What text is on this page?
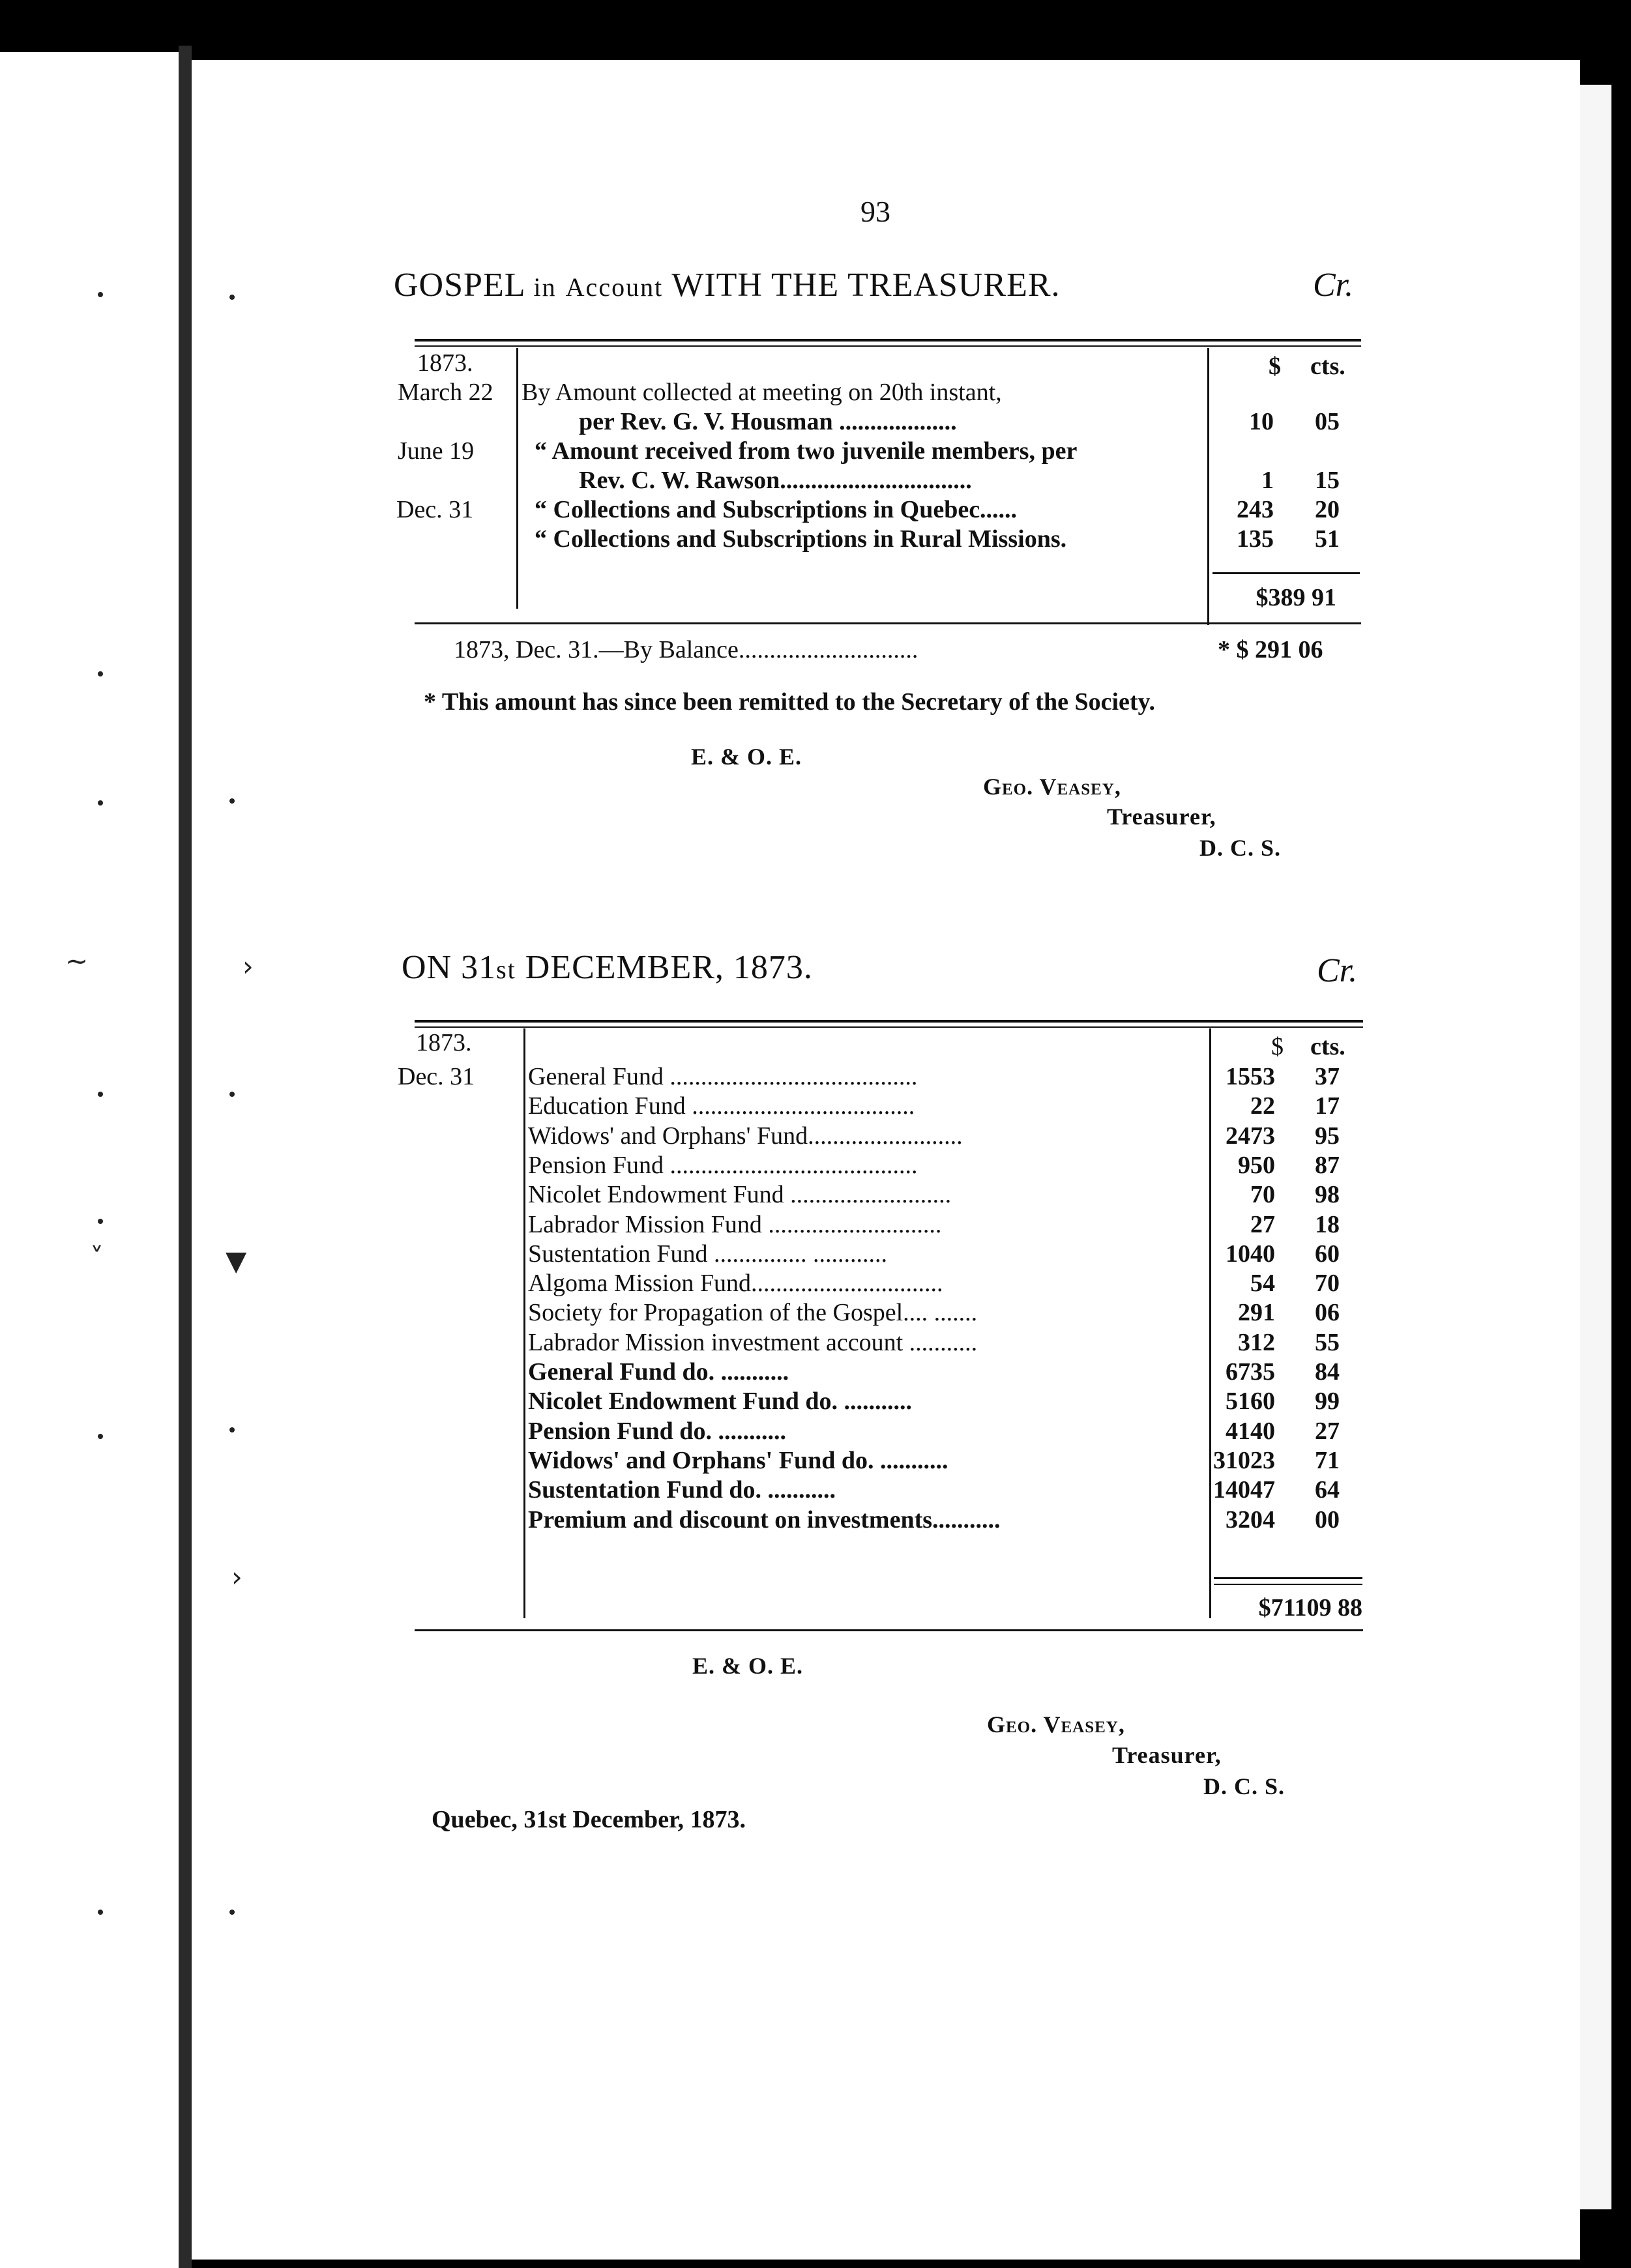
∼
˅
›
▼
›
93
GOSPEL in Account WITH THE TREASURER.	Cr.
1873.	$ cts.
March 22 By Amount collected at meeting on 20th instant,
per Rev. G. V. Housman ...................	10	05
June 19 “ Amount received from two juvenile members, per
Rev. C. W. Rawson...............................	1	15
Dec. 31 “ Collections and Subscriptions in Quebec......	243	20
“ Collections and Subscriptions in Rural Missions.	135	51
$389 91
1873, Dec. 31.—By Balance.............................	* $ 291 06
* This amount has since been remitted to the Secretary of the Society.
E. & O. E.
Geo. Veasey,
Treasurer,
D. C. S.
ON 31st DECEMBER, 1873.	Cr.
1873.	$ cts.
Dec. 31 General Fund ........................................	1553	37
Education Fund ....................................	22	17
Widows' and Orphans' Fund.........................	2473	95
Pension Fund ........................................	950	87
Nicolet Endowment Fund ..........................	70	98
Labrador Mission Fund ............................	27	18
Sustentation Fund ............... ............	1040	60
Algoma Mission Fund...............................	54	70
Society for Propagation of the Gospel.... .......	291	06
Labrador Mission investment account ...........	312	55
General Fund do. ...........	6735	84
Nicolet Endowment Fund do. ...........	5160	99
Pension Fund do. ...........	4140	27
Widows' and Orphans' Fund do. ...........	31023	71
Sustentation Fund do. ...........	14047	64
Premium and discount on investments...........	3204	00
$71109 88
E. & O. E.
Geo. Veasey,
Treasurer,
D. C. S.
Quebec, 31st December, 1873.
